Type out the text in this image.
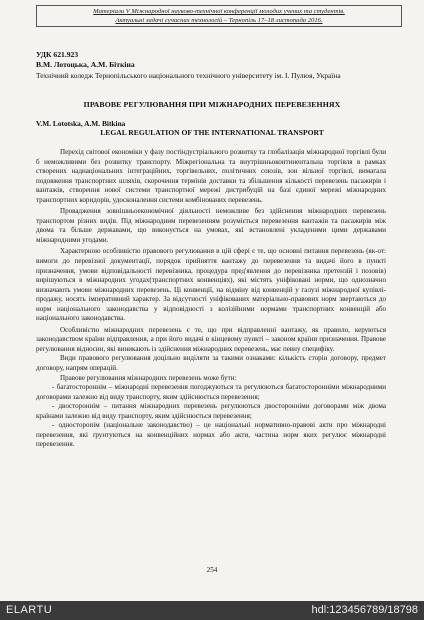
Матеріали V Міжнародної науково-технічної конференції молодих учених та студентів.
Актуальні задачі сучасних технологій – Тернопіль 17–18 листопада 2016.
УДК 621.923
В.М. Лотоцька, А.М. Біткіна
Технічний коледж Тернопільського національного технічного університету ім. І. Пулюя, Україна
ПРАВОВЕ РЕГУЛЮВАННЯ ПРИ МІЖНАРОДНИХ ПЕРЕВЕЗЕННЯХ
V.M. Lototska, A.M. Bitkina
LEGAL REGULATION OF THE INTERNATIONAL TRANSPORT

Перехід світової економіки у фазу постіндустріального розвитку та глобалізація міжнародної торгівлі були б неможливими без розвитку транспорту. Міжрегіональна та внутрішньоконтинентальна торгівля в рамках створених наднаціональних інтеграційних, торгівельних, політичних союзів, зон вільної торгівлі, вимагала подовження транспортних шляхів, скорочення термінів доставки та збільшення кількості перевезень пасажирів і вантажів, створення нової системи транспортної мережі дистрибуцій на базі єдиної мережі міжнародних транспортних коридорів, удосконалення системи комбінованих перевезень.

Провадження зовнішньоекономічної діяльності неможливе без здійснення міжнародних перевезень транспортом різних видів. Під міжнародним перевезенням розуміється перевезення вантажів та пасажирів між двома та більше державами, що виконується на умовах, які встановлені укладеними цими державами міжнародними угодами.

Характерною особливістю правового регулювання в цій сфері є те, що основні питання перевезень (як-от: вимоги до перевізної документації, порядок прийняття вантажу до перевезення та видачі його в пункті призначення, умови відповідальності перевізника, процедура пред'явлення до перевізника претензій і позовів) вирішуються в міжнародних угодах(транспортних конвенціях), які містять уніфіковані норми, що однозначно визначають умови міжнародних перевезень. Ці конвенції, на відміну від конвенцій у галузі міжнародної купівлі-продажу, носять імперативний характер. За відсутності уніфікованих матеріально-правових норм звертаються до норм національного законодавства у відповідності з колізійними нормами транспортних конвенцій або національного законодавства.

Особливістю міжнародних перевезень є те, що при відправленні вантажу, як правило, керуються законодавством країни відправлення, а при його видачі в кінцевому пункті – законом країни призначення. Правове регулювання відносин, які виникають із здійснення міжнародних перевезень, має певну специфіку.

Види правового регулювання доцільно виділяти за такими ознаками: кількість сторін договору, предмет договору, напрям операцій.

Правове регулювання міжнародних перевезень може бути:

- багатостороннім – міжнародні перевезення погоджуються та регулюються багатосторонніми міжнародними договорами залежно від виду транспорту, яким здійснюється перевезення;

- двостороннім – питання міжнародних перевезень регулюються двосторонніми договорами між двома країнами залежно від виду транспорту, яким здійснюється перевезення;

- односторонім (національне законодавство) – це національні нормативно-правові акти про міжнародні перевезення, які ґрунтуються на конвенційних нормах або акти, частина норм яких регулює міжнародні перевезення.

254
ELARTU	hdl:123456789/18798
